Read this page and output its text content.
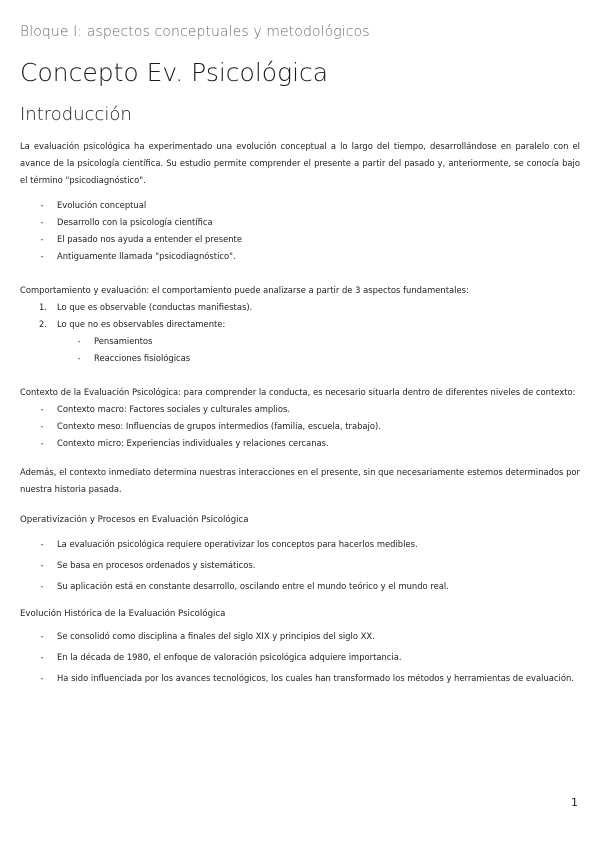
Bloque I: aspectos conceptuales y metodológicos
Concepto Ev. Psicológica
Introducción
La evaluación psicológica ha experimentado una evolución conceptual a lo largo del tiempo, desarrollándose en paralelo con el avance de la psicología científica. Su estudio permite comprender el presente a partir del pasado y, anteriormente, se conocía bajo el término "psicodiagnóstico".
-	Evolución conceptual
-	Desarrollo con la psicología científica
-	El pasado nos ayuda a entender el presente
-	Antiguamente llamada "psicodiagnóstico".
Comportamiento y evaluación: el comportamiento puede analizarse a partir de 3 aspectos fundamentales:
1. Lo que es observable (conductas manifiestas).
2. Lo que no es observables directamente:
-	Pensamientos
-	Reacciones fisiológicas
Contexto de la Evaluación Psicológica: para comprender la conducta, es necesario situarla dentro de diferentes niveles de contexto:
-	Contexto macro: Factores sociales y culturales amplios.
-	Contexto meso: Influencias de grupos intermedios (familia, escuela, trabajo).
-	Contexto micro: Experiencias individuales y relaciones cercanas.
Además, el contexto inmediato determina nuestras interacciones en el presente, sin que necesariamente estemos determinados por nuestra historia pasada.
Operativización y Procesos en Evaluación Psicológica
-	La evaluación psicológica requiere operativizar los conceptos para hacerlos medibles.
-	Se basa en procesos ordenados y sistemáticos.
-	Su aplicación está en constante desarrollo, oscilando entre el mundo teórico y el mundo real.
Evolución Histórica de la Evaluación Psicológica
-	Se consolidó como disciplina a finales del siglo XIX y principios del siglo XX.
-	En la década de 1980, el enfoque de valoración psicológica adquiere importancia.
-	Ha sido influenciada por los avances tecnológicos, los cuales han transformado los métodos y herramientas de evaluación.
1
